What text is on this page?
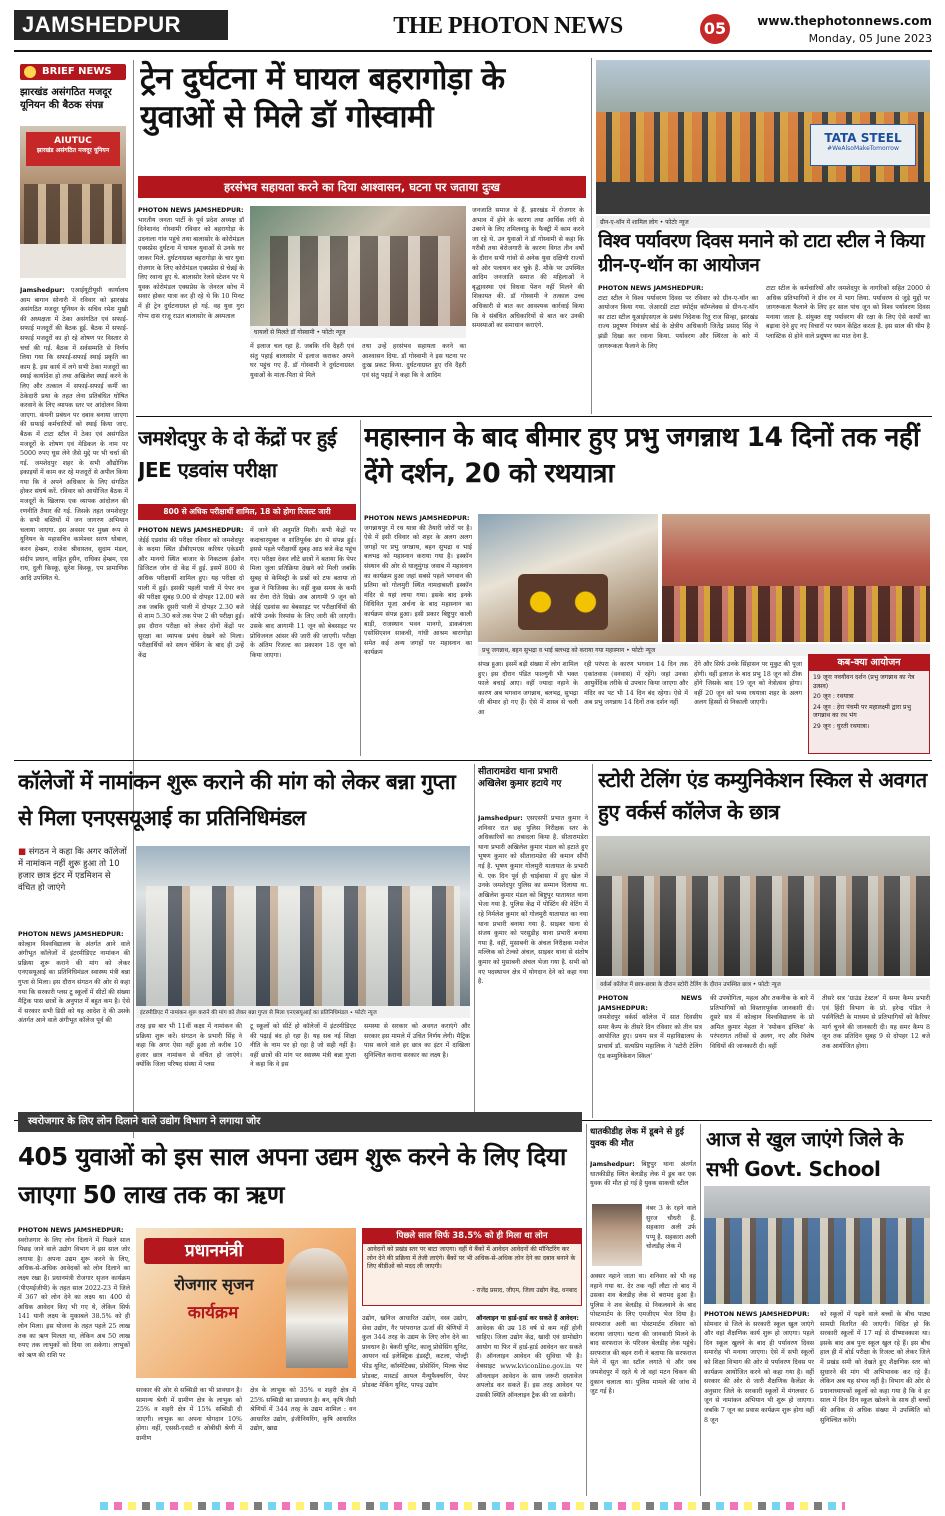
JAMSHEDPUR	THE PHOTON NEWS	05	www.thephotonnews.com
Monday, 05 June 2023
BRIEF NEWS
झारखंड असंगठित मजदूर यूनियन की बैठक संपन्न
AIUTUC
झारखंड असंगठित मजदूर यूनियन
Jamshedpur: एआईयूटीयूसी कार्यालय आम बागान सोनारी में रविवार को झारखंड असंगठित मजदूर यूनियन के सचिव रमेश मुखी की अध्यक्षता में ठेका असंगठित एवं सफाई-सफाई मजदूरों की बैठक हुई. बैठक में सफाई-सफाई मजदूरों का हो रहे शोषण पर विस्तार से चर्चा की गई. बैठक में सर्वसम्मति से निर्णय लिया गया कि सफाई-सफाई स्थाई प्रकृति का काम है. इस कार्य में लगे सभी ठेका मजदूरों का स्थाई कार्यादेश हो तथा अखिलेश स्थाई करने के लिए और तत्काल में सफाई-सफाई कर्मी का ठेकेदारी प्रथा के तहत लेना प्रतिबंधित घोषित करवाने के लिए व्यापक स्तर पर आंदोलन किया जाएगा. कंपनी प्रबंधन पर दबाव बनाया जाएगा की सफाई कर्मचारियों को स्थाई किया जाए. बैठक में टाटा स्टील में ठेका एवं असंगठित मजदूरों के शोषण एवं मेडिकल के नाम पर 5000 रुपए घूस लेने जैसे मुद्दे पर भी चर्चा की गई. जमशेदपुर शहर के सभी औद्योगिक इकाइयों में काम कर रहे मजदूरों से अपील किया गया कि वे अपने अधिकार के लिए संगठित होकर संघर्ष करें. रविवार को आयोजित बैठक में मजदूरों के खिलाफ एक व्यापक आंदोलन की रणनीति तैयार की गई. जिसके तहत जमशेदपुर के सभी बस्तियों में जन जागरण अभियान चलाया जाएगा. इस अवसर पर मुख्य रूप से यूनियन के महासचिव कामेश्वर सरण धोबाल, करन हेम्ब्रम, राजेश श्रीवास्तव, सुदाम मंडल, संदीप प्रधान, वाहित हुसैन, राधिका हेम्ब्रम, एस राय, दुली किस्कू, सुरेश किस्कू, एम प्रामाणिक आदि उपस्थित थे.
ट्रेन दुर्घटना में घायल बहरागोड़ा के युवाओं से मिले डॉ गोस्वामी
हरसंभव सहायता करने का दिया आश्वासन, घटना पर जताया दुःख
PHOTON NEWS JAMSHEDPUR:
भारतीय जनता पार्टी के पूर्व प्रदेश अध्यक्ष डॉ दिनेशानंद गोस्वामी रविवार को बहरागोड़ा के उदनाला गांव पहुंचे तथा बालासोर के कोरोमंडल एक्सप्रेस दुर्घटना में घायल युवाओं से उनके घर जाकर मिले. दुर्घटनाग्रस्त बहरागोड़ा के चार युवा रोजगार के लिए कोरोमंडल एक्सप्रेस से चेन्नई के लिए रवाना हुए थे. बालासोर रेलवे स्टेशन पर ये युवक कोरोमंडल एक्सप्रेस के जेनरल कोच में सवार होकर यात्रा कर ही रहे थे कि 10 मिनट में ही ट्रेन दुर्घटनाग्रस्त हो गई. वह युवा गुरा गोप्प दास राजू राउत बालासोर के अस्पताल
घायलों से मिलते डॉ गोस्वामी • फोटोः न्यूज
में इलाज चल रहा है. जबकि रवि दैहरी एवं संतु पहाई बालासोर में इलाज कराकर अपने घर पहुंच गए हैं. डॉ गोस्वामी ने दुर्घटनाग्रस्त युवाओं के माता-पिता से मिले
तथा उन्हें हरसंभव सहायता करने का आश्वासन दिया. डॉ गोस्वामी ने इस घटना पर दुःख प्रकट किया. दुर्घटनाग्रस्त हुए रवि दैहरी एवं संतु पहाई ने कहा कि वे आदिम
जनजाति समाज से हैं. झारखंड में रोजगार के अभाव में होने के कारण तथा आर्थिक तंगी से उबरने के लिए तमिलनाडु के फैक्ट्री में काम करने जा रहे थे. उन युवाओं ने डॉ गोस्वामी से कहा कि गरीबी तथा बेरोजगारी के कारण विगत तीन वर्षों के दौरान सभी गांवों से अनेक युवा दक्षिणी राज्यों को ओर पलायन कर चुके हैं. मौके पर उपस्थित आदिम जनजाति समाज की महिलाओं ने बृद्धावस्था एवं विधवा पेंशन नहीं मिलने की शिकायत की. डॉ गोस्वामी ने तत्काल उच्च अधिकारी से बात कर आवश्यक कार्रवाई किया कि वे संबंधित अधिकारियों से बात कर उनकी समस्याओं का समाधान कराएंगे.
TATA STEEL
#WeAlsoMakeTomorrow
ग्रीन-ए-थॉन में शामिल लोग • फोटोः न्यूज
विश्व पर्यावरण दिवस मनाने को टाटा स्टील ने किया ग्रीन-ए-थॉन का आयोजन
PHOTON NEWS JAMSHEDPUR:
टाटा स्टील ने विश्व पर्यावरण दिवस पर रविवार को ग्रीन-ए-थॉन का आयोजन किया गया. जेआरडी टाटा स्पोर्ट्स कॉम्प्लेक्स से ग्रीन-ए-थॉन का टाटा स्टील यूआईएसएल के प्रबंध निदेशक रितु राज सिन्हा, झारखंड राज्य प्रदूषण नियंत्रण बोर्ड के क्षेत्रीय अधिकारी जितेंद्र प्रसाद सिंह ने झंडी दिखा कर रवाना किया. पर्यावरण और स्थिरता के बारे में जागरूकता फैलाने के लिए
टाटा स्टील के कर्मचारियों और जमशेदपुर के नागरिकों सहित 2000 से अधिक प्रतिभागियों ने ग्रीन रन में भाग लिया. पर्यावरण से जुड़े मुद्दों पर जागरूकता फैलाने के लिए हर साल पांच जून को विश्व पर्यावरण दिवस मनाया जाता है. संयुक्त राष्ट्र पर्यावरण की रक्षा के लिए ऐसे कार्यों का बढ़ावा देने हुए नए विचारों पर ध्यान केंद्रित करता है. इस साल की थीम है प्लास्टिक से होने वाले प्रदूषण का मात देना है.
जमशेदपुर के दो केंद्रों पर हुई JEE एडवांस परीक्षा
800 से अधिक परीक्षार्थी शामिल, 18 को होगा रिजल्ट जारी
PHOTON NEWS JAMSHEDPUR:
जेईई एडवांस की परीक्षा रविवार को जमशेदपुर के कदमा स्थित डीबीएमएस करियर एकेडमी और मानगो स्थित बाजार के निकटस्थ ईओन डिजिटल जोन दो केंद्र में हुई. इसमें 800 से अधिक परीक्षार्थी शामिल हुए। यह परीक्षा दो पाली में हुई। इसकी पहली पाली में पेपर वन की परीक्षा सुबह 9.00 से दोपहर 12.00 बजे तक जबकि दूसरी पाली में दोपहर 2.30 बजे से शाम 5.30 बजे तक पेपर 2 की परीक्षा हुई। इस दौरान परीक्षा को लेकर दोनों केंद्रों पर सुरक्षा का व्यापक प्रबंध देखने को मिला। परीक्षार्थियों को सघन चेकिंग के बाद ही उन्हें केंद्र
में जाने की अनुमति मिली। सभी केंद्रों पर कदाचारमुक्त व शांतिपूर्वक ढंग से संपन्न हुई। इससे पहले परीक्षार्थी सुबह आठ बजे केंद्र पहुंच गए। परीक्षा देकर लौटे छात्रों ने बताया कि पेपर मिला जुला प्रतिक्रिया देखने को मिली जबकि सुबह से केमिस्ट्री के प्रश्नों को टफ बताया तो कुछ ने फिजिक्स के। वहीं कुछ समय के कमी का रोना रोते दिखे। अब आगामी 9 जून को जेईई एडवांस का बेबसाइट पर परीक्षार्थियों की कॉपी उनके रिस्पांस के लिए जारी की जाएगी। उसके बाद आगामी 11 जून को बेबसाइट पर प्रोविजनल आंसर की जारी की जाएगी। परीक्षा के अंतिम रिजल्ट का प्रकाशन 18 जून को किया जाएगा।
महास्नान के बाद बीमार हुए प्रभु जगन्नाथ 14 दिनों तक नहीं देंगे दर्शन, 20 को रथयात्रा
PHOTON NEWS JAMSHEDPUR:
जगन्नाथपुर में रथ यात्रा की तैयारी जोरों पर है। ऐसे में इसी रविवार को शहर के अलग अलग जगहों पर प्रभु जगन्नाथ, बहन सुभद्रा व भाई बलभद्र को महास्नान कराया गया है। इस्कॉन संस्थान की ओर से घालूमुंगड़ जवाब में महास्नान का कार्यक्रम हुआ जहां सबसे पहले भगवान की प्रतिमा को गोलमुरी स्थित नामदाबस्ती इस्कॉन मंदिर से यहां लाया गया। इसके बाद इनके विधिवित पूजा अर्चना के बाद महास्नान का कार्यक्रम संपन्न हुआ। इसी प्रकार बिष्टुपुर काली बाड़ी, राजस्थान भवन मानगो, डाकबंगला एसोसिएशन साकची, गांधी आश्रम बारागोड़ा समेत कई अन्य जगहों पर महास्नान का कार्यक्रम	प्रभु जगन्नाथ, बहन सुभद्रा व भाई बलभद्र को कराया गया महास्नान • फोटोः न्यूज
संपन्न हुआ। इसमें बड़ी संख्या में लोग शामिल हुए। इस दौरान पंडित फाल्गुनी भी भक्त फाले बचाई आए। वहीं ज्यादा नहाने के कारण अब भगवान जगन्नाथ, बलभद्र, सुभद्रा जी बीमार हो गए हैं। ऐसे में शास्त्र से चली आ
रही परंपरा के कारण भगवान 14 दिन तक एकांतवास (वनवास) में रहेंगे। जहां उनका आयुर्वेदिक तरीके से उपचार किया जाएगा और मंदिर का पट भी 14 दिन बंद रहेगा। ऐसे में अब प्रभु जगन्नाथ 14 दिनों तक दर्शन नहीं
देंगे और सिर्फ उनके सिंहासन पर मुकुट की पूजा होगी। वहीं इलाज के बाद प्रभु 18 जून को ठीक होंगे जिसके बाद 19 जून को नेत्रोत्सव होगा। वहीं 20 जून को भव्य रथयात्रा शहर के अलग अलग हिस्सों से निकाली जाएगी।
कब-क्या आयोजन
19 जूनः नवयौवन दर्शन (प्रभु जगन्नाथ का नेत्र उत्सव)
20 जून : रथयात्रा
24 जून : हेरा पंचमी पर महालक्ष्मी द्वारा प्रभु जगन्नाथ का रथ भंग
29 जून : घुरती रथयात्रा।
कॉलेजों में नामांकन शुरू कराने की मांग को लेकर बन्ना गुप्ता से मिला एनएसयूआई का प्रतिनिधिमंडल
■ संगठन ने कहा कि अगर कॉलेजों में नामांकन नहीं शुरू हुआ तो 10 हजार छात्र इंटर में एडमिशन से वंचित हो जाएंगे
PHOTON NEWS JAMSHEDPUR:
कोल्हान विश्वविद्यालय के अंतर्गत आने वाले अंगीभूत कॉलेजों में इंटरमीडिएट नामांकन की प्रक्रिया शुरू कराने की मांग को लेकर एनएसयूआई का प्रतिनिधिमंडल स्वास्थ्य मंत्री बन्ना गुप्ता से मिला। इस दौरान संगठन की ओर से कहा गया कि सरकारी प्लस टू स्कूलों में सीटों की संख्या मैट्रिक पास छात्रों के अनुपात में बहुत कम है। ऐसे में सरकार सभी डिग्री को यह आदेश दे की उसके अंतर्गत आने वाले अंगीभूत कॉलेज पूर्व की
इंटरमीडिएट में नामांकन शुरू कराने की मांग को लेकर बन्ना गुप्ता से मिला एनएसयूआई का प्रतिनिधिमंडल • फोटोः न्यूज
तरह इस बार भी 11वीं कक्षा में नामांकन की प्रक्रिया शुरू करें। संगठन के प्रभारी सिंह ने कहा कि अगर ऐसा नहीं हुआ तो करीब 10 हजार छात्र नामांकन से वंचित हो जाएंगे। क्योंकि जिला परिषद संस्था में प्लस
टू स्कूलों को सीटें हो कॉलेजों में इंटरमीडिएट की पढ़ाई बंद हो रहा है। यह सब नई शिक्षा नीति के नाम पर हो रहा है जो सही नहीं है। वहीं छात्रों की मांग पर स्वास्थ्य मंत्री बन्ना गुप्ता ने कहा कि वे इस
समस्या से सरकार को अवगत कराएंगे और सरकार इस मामले में उचित निर्णय लेगी। मैट्रिक पास करने वाले हर छात्र का इंटर में दाखिला सुनिश्चित कराना सरकार का लक्ष्य है।
सीतारामडेरा थाना प्रभारी अखिलेश कुमार हटाये गए
Jamshedpur: एसएसपी प्रभात कुमार ने शनिवार रात छह पुलिस निरीक्षक स्तर के अधिकारियों का तबादला किया है. सीतारामडेरा थाना प्रभारी अखिलेश कुमार मंडल को हटाते हुए भूषण कुमार को सीतारामडेरा की कमान सौंपी गई है. भूषण कुमार गोलमुरी यातायात के प्रभारी थे. एक दिन पूर्व ही चाईबासा में हुए खेल में उनके जमशेदपुर पुलिस का सम्मान दिलाया था. अखिलेश कुमार मंडल को बिष्टुपुर यातायात थाना भेजा गया है. पुलिस केंद्र में पोस्टिंग की वेटिंग में रहे निर्मलेश कुमार को गोलमुरी यातायात का नया थाना प्रभारी बनाया गया है. साइबर थाना से संजय कुमार को परसुडीह थाना प्रभारी बनाया गया है. वहीं, मुसाबनी के अंचल निरीक्षक मनोज मल्लिक को टेल्को अंचल, साइबर थाना से संतोष कुमार को मुसाबनी अंचल भेजा गया है. सभी को नए पदस्थापन क्षेत्र में योगदान देने को कहा गया है.
स्टोरी टेलिंग एंड कम्युनिकेशन स्किल से अवगत हुए वर्कर्स कॉलेज के छात्र
वर्कर्स कॉलेज में छात्र-छात्रा के दौरान स्टोरी टेलिंग के दौरान उपस्थित छात्र • फोटोः न्यूज
PHOTON NEWS JAMSHEDPUR:
जमशेदपुर वर्कर्स कॉलेज में सात दिवसीय समर कैम्प के तीसरे दिन रविवार को तीन सत्र आयोजित हुए। प्रथम सत्र में महाविद्यालय के प्राचार्य डॉ. सत्यप्रिय महालिक ने 'स्टोरी टेलिंग एंड कम्युनिकेशन स्किल'
की उपयोगिता, महत्व और तकनीक के बारे में प्रतिभागियों को विस्तारपूर्वक जानकारी दी। दूसरे सत्र में कोल्हान विश्वविद्यालय के प्रो अमित कुमार मेहता ने 'स्पोकन इंग्लिश' के परंपरागत तरीकों से अलग, नए और विशेष विधियों की जानकारी दी। वहीं
तीसरे सत्र 'ग्राउंड टेस्टल' में समर कैम्प प्रभारी एवं हिंदी विभाग के प्रो. हरेन्द्र पंडित ने पर्सनैलिटी के माध्यम से प्रतिभागियों को कैरियर मार्ग चुनने की जानकारी दी। यह समर कैम्प 8 जून तक प्रतिदिन सुबह 9 से दोपहर 12 बजे तक आयोजित होगा।
स्वरोजगार के लिए लोन दिलाने वाले उद्योग विभाग ने लगाया जोर
405 युवाओं को इस साल अपना उद्यम शुरू करने के लिए दिया जाएगा 50 लाख तक का ऋण
PHOTON NEWS JAMSHEDPUR:
स्वरोजगार के लिए लोन दिलाने में पिछले साल पिछड़ जाने वाले उद्योग विभाग ने इस साल जोर लगाया है। अपना उद्यम शुरू करने के लिए, अधिक-से-अधिक आवेदकों को लोन दिलाने का लक्ष्य रखा है। प्रधानमंत्री रोजगार सृजन कार्यक्रम (पीएमईजीपी) के तहत साल 2022-23 में जिले में 367 को लोन देने का लक्ष्य था। 400 से अधिक आवेदन किए भी गए थे, लेकिन सिर्फ 141 यानी लक्ष्य के मुकाबले 38.5% को ही लोन मिला। इस योजना के तहत पहले 25 लाख तक का ऋण मिलता था, लेकिन अब 50 लाख रुपए तक लाभुकों को दिया जा सकेगा। लाभुकों को ऋण की राशि पर
प्रधानमंत्री
रोजगार सृजन
कार्यक्रम
सरकार की ओर से सब्सिडी का भी प्रावधान है। सामान्य श्रेणी में ग्रामीण क्षेत्र के लाभुक को 25% व शहरी क्षेत्र में 15% सब्सिडी दी जाएगी। लाभुक का अपना योगदान 10% होगा। वहीं, एससी-एसटी व ओबीसी श्रेणी में ग्रामीण
क्षेत्र के लाभुक को 35% व शहरी क्षेत्र में 25% सब्सिडी का प्रावधान है। बन, कृषि जैसी श्रेणियों में 344 तरह के उद्यम शामिल : वन आधारित उद्योग, इंजीनियरिंग, कृषि आधारित उद्योग, खाद्य
पिछले साल सिर्फ 38.5% को ही मिला था लोन
आवेदनों को प्रखंड स्तर पर बाटा जाएगा। वहीं ये बैंकों में आवेदन आवेदनों की मॉनिटरिंग कर लोन देने की प्रक्रिया में तेजी लाएंगे। बैंकों पर भी अधिक-से-अधिक लोन देने का दबाव बनाने के लिए बीडीओ को मदद ली जाएगी।
- राजेंद्र प्रसाद, जीएम, जिला उद्योग केंद्र, धनबाद
उद्योग, खनिज आधारित उद्योग, वस्त्र उद्योग, सेवा उद्योग, गैर परंपरागत ऊर्जा की श्रेणियों में कुल 344 तरह के उद्यम के लिए लोन देने का प्रावधान है। बेकरी यूनिट, कालू प्रोसेसिंग यूनिट, आयरन वर्ड इलेक्ट्रिक इंडस्ट्री, कटला, पोल्ट्री फीड यूनिट, कॉस्मेटिक्स, प्रोसेसिंग, मिल्क चेस्ट प्रोडक्ट, मास्टर्ड आयल मैन्युफैक्चरिंग, पेपर प्रोडक्ट मेकिंग यूनिट, पापड़ उद्योग
ऑनलाइन या हार्ड-हार्ड कर सकते हैं आवेदन:
आवेदक की उम्र 18 वर्ष से कम नहीं होनी चाहिए। जिला उद्योग केंद्र, खादी एवं ग्रामोद्योग आयोग या फिर में हार्ड-हार्ड आवेदन कर सकते हैं। ऑनलाइन आवेदन की सुविधा भी है। वेबसाइट www.kviconline.gov.in पर ऑनलाइन आवेदन के साथ जरूरी दस्तावेज अपलोड कर सकते हैं। इस तरह आवेदन पर उसकी स्थिति ऑनलाइन ट्रैक की जा सकेगी।
धातकीडीह लेक में डूबने से हुई युवक की मौत
Jamshedpur: बिष्टुपुर थाना अंतर्गत धातकीडीह स्थित बेलडीह लेक में डूब कर एक युवक की मौत हो गई है युवक साकची स्टील
नंबर 3 के रहने वाले सुरज चौधरी हैं. सहकारा अली उर्फ पप्पू है. सहकारा अली चोलडीह लेक में
अक्सर नहाने जाता था। शनिवार को भी वह नहाने गया था. देर तक नहीं लौटा तो बाद में उसका शव बेलडीह लेक से बरामद हुआ है। पुलिस ने शव बेलडीह से निकलवाने के बाद पोस्टमार्टम के लिए एमजीएम भेज दिया है। सरफराज अली का पोस्टमार्टम रविवार को कराया जाएगा। घटना की जानकारी मिलने के बाद सरफराज के परिजन बेलडीह लेक पहुंचे। सरफराज की बहन रानी ने बताया कि सरफराज मेले में सूत का स्टॉल लगाते थे और जब जमशेदपुर में रहते थे तो वहां मटन चिकन की दुकान चलाता था। पुलिस मामले की जांच में जुट गई है।
आज से खुल जाएंगे जिले के सभी Govt. School
PHOTON NEWS JAMSHEDPUR:
सोमवार से जिले के सरकारी स्कूल खुल जाएंगे और वहां शैक्षणिक कार्य शुरू हो जाएगा। पहले दिन स्कूल खुलने के बाद ही पर्यावरण दिवस समारोह भी मनाया जाएगा। ऐसे में सभी स्कूलों को शिक्षा विभाग की ओर से पर्यावरण दिवस पर कार्यक्रम आयोजित करने को कहा गया है। वहीं सरकार की ओर से जारी शैक्षणिक कैलेंडर के अनुसार जिले के सरकारी स्कूलों में मंगलवार 6 जून से नामांकन अभियान भी शुरू हो जाएगा। जबकि 7 जून का प्रवास कार्यक्रम शुरू होगा वहीं 8 जून
को स्कूलों में पढ़ने वाले बच्चों के बीच पाठ्य सामग्री वितरित की जाएगी। विदित हो कि सरकारी स्कूलों में 17 मई से ग्रीष्मावकाश था। इसके बाद अब पुनः स्कूल खुल रहे हैं। इस बीच हाल ही में बोर्ड परीक्षा के रिजल्ट को लेकर जिले में प्रखंड समी को देखते हुए शैक्षणिक स्तर को सुधारने की मांग भी अभिभावक कर रहे हैं। लेकिन अब यह संभव नहीं है। विभाग की ओर से प्रधानाध्यापकों स्कूलों को कहा गया है कि वे हर साल में दिन दिन स्कूल खोलने के साथ ही बच्चों की अधिक से अधिक संख्या में उपस्थिति को सुनिश्चित करेंगे।
